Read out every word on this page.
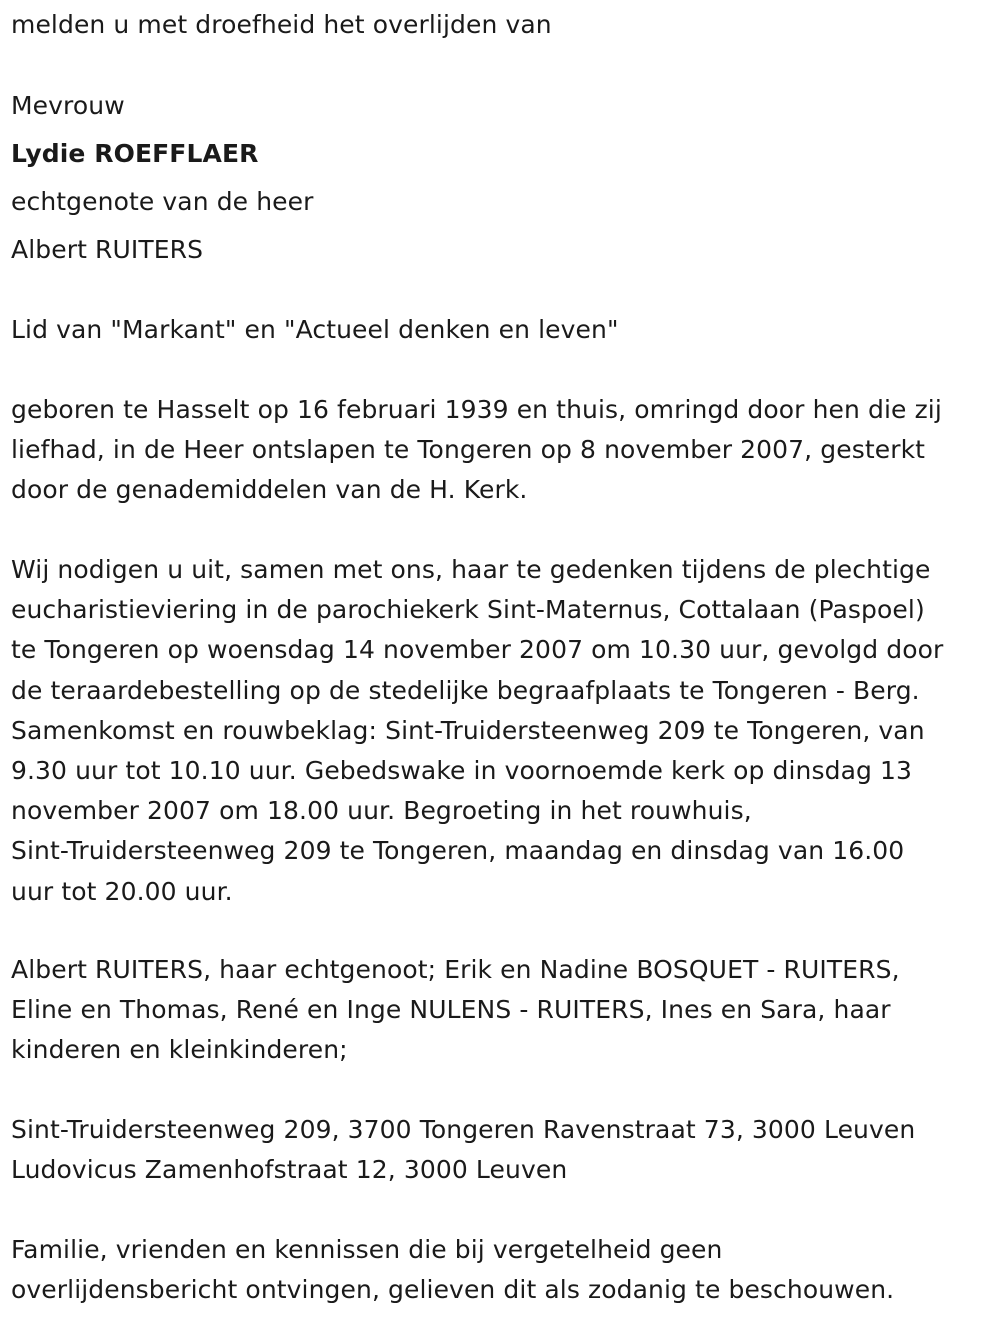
melden u met droefheid het overlijden van
Mevrouw
Lydie ROEFFLAER
echtgenote van de heer
Albert RUITERS
Lid van "Markant" en "Actueel denken en leven"
geboren te Hasselt op 16 februari 1939 en thuis, omringd door hen die zij
liefhad, in de Heer ontslapen te Tongeren op 8 november 2007, gesterkt
door de genademiddelen van de H. Kerk.
Wij nodigen u uit, samen met ons, haar te gedenken tijdens de plechtige
eucharistieviering in de parochiekerk Sint-Maternus, Cottalaan (Paspoel)
te Tongeren op woensdag 14 november 2007 om 10.30 uur, gevolgd door
de teraardebestelling op de stedelijke begraafplaats te Tongeren - Berg.
Samenkomst en rouwbeklag: Sint-Truidersteenweg 209 te Tongeren, van
9.30 uur tot 10.10 uur. Gebedswake in voornoemde kerk op dinsdag 13
november 2007 om 18.00 uur. Begroeting in het rouwhuis,
Sint-Truidersteenweg 209 te Tongeren, maandag en dinsdag van 16.00
uur tot 20.00 uur.
Albert RUITERS, haar echtgenoot; Erik en Nadine BOSQUET - RUITERS,
Eline en Thomas, René en Inge NULENS - RUITERS, Ines en Sara, haar
kinderen en kleinkinderen;
Sint-Truidersteenweg 209, 3700 Tongeren Ravenstraat 73, 3000 Leuven
Ludovicus Zamenhofstraat 12, 3000 Leuven
Familie, vrienden en kennissen die bij vergetelheid geen
overlijdensbericht ontvingen, gelieven dit als zodanig te beschouwen.
